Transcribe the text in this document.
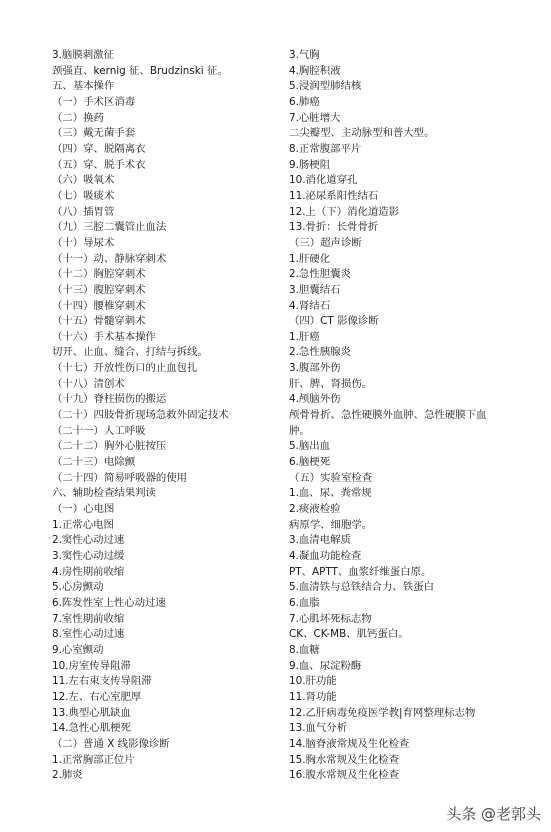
3.脑膜刺激征
颈强直、kernig 征、Brudzinski 征。
五、基本操作
（一）手术区消毒
（二）换药
（三）戴无菌手套
（四）穿、脱隔离衣
（五）穿、脱手术衣
（六）吸氧术
（七）吸痰术
（八）插胃管
（九）三腔二囊管止血法
（十）导尿术
（十一）动、静脉穿刺术
（十二）胸腔穿刺术
（十三）腹腔穿刺术
（十四）腰椎穿刺术
（十五）骨髓穿刺术
（十六）手术基本操作
切开、止血、缝合、打结与拆线。
（十七）开放性伤口的止血包扎
（十八）清创术
（十九）脊柱损伤的搬运
（二十）四肢骨折现场急救外固定技术
（二十一）人工呼吸
（二十二）胸外心脏按压
（二十三）电除颤
（二十四）简易呼吸器的使用
六、辅助检查结果判读
（一）心电图
1.正常心电图
2.窦性心动过速
3.窦性心动过缓
4.房性期前收缩
5.心房颤动
6.阵发性室上性心动过速
7.室性期前收缩
8.室性心动过速
9.心室颤动
10.房室传导阻滞
11.左右束支传导阻滞
12.左、右心室肥厚
13.典型心肌缺血
14.急性心肌梗死
（二）普通 X 线影像诊断
1.正常胸部正位片
2.肺炎
3.气胸
4.胸腔积液
5.浸润型肺结核
6.肺癌
7.心脏增大
二尖瓣型、主动脉型和普大型。
8.正常腹部平片
9.肠梗阻
10.消化道穿孔
11.泌尿系阳性结石
12.上（下）消化道造影
13.骨折：长骨骨折
（三）超声诊断
1.肝硬化
2.急性胆囊炎
3.胆囊结石
4.肾结石
（四）CT 影像诊断
1.肝癌
2.急性胰腺炎
3.腹部外伤
肝、脾、肾损伤。
4.颅脑外伤
颅骨骨折、急性硬膜外血肿、急性硬膜下血肿。
5.脑出血
6.脑梗死
（五）实验室检查
1.血、尿、粪常规
2.痰液检验
病原学、细胞学。
3.血清电解质
4.凝血功能检查
PT、APTT、血浆纤维蛋白原。
5.血清铁与总铁结合力、铁蛋白
6.血脂
7.心肌坏死标志物
CK、CK-MB、肌钙蛋白。
8.血糖
9.血、尿淀粉酶
10.肝功能
11.肾功能
12.乙肝病毒免疫医学教|育网整理标志物
13.血气分析
14.脑脊液常规及生化检查
15.胸水常规及生化检查
16.腹水常规及生化检查
头条 @老郭头
